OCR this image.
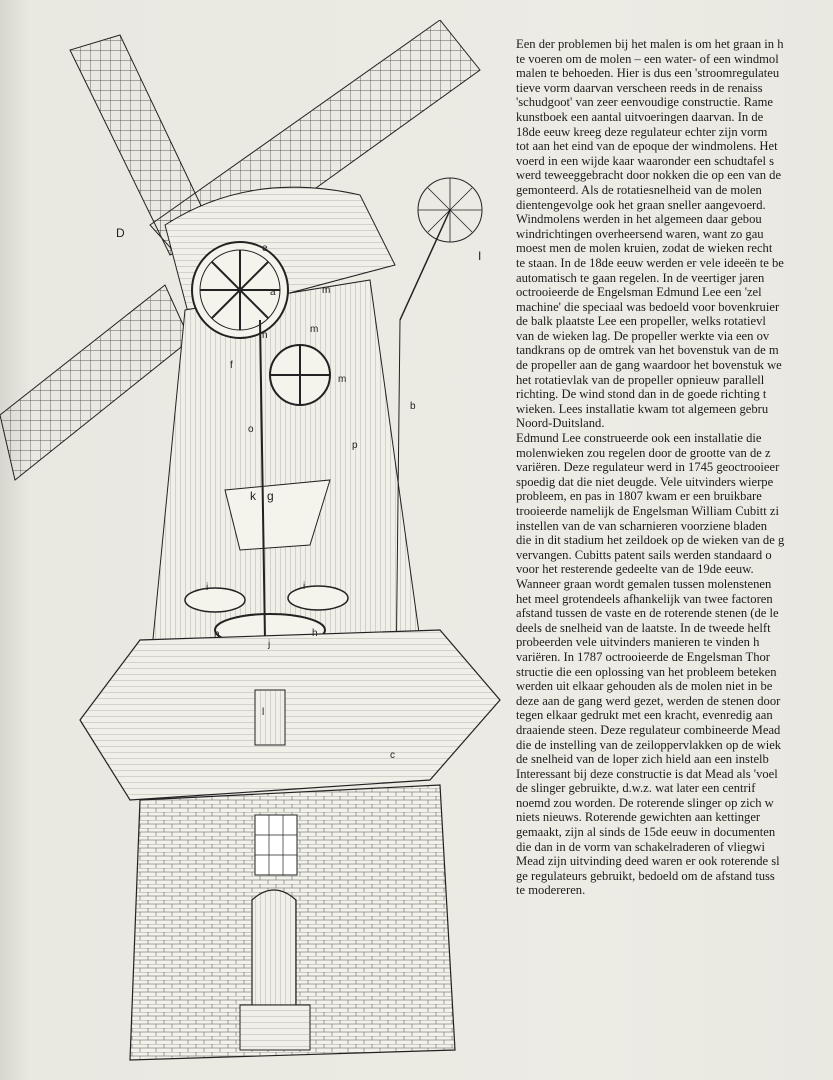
D
e
I
a	m
n
f
m
m
b
o
p
k g
i	i
h
j
h
c
l
Een der problemen bij het malen is om het graan in h
te voeren om de molen – een water- of een windmol
malen te behoeden. Hier is dus een 'stroomregulateu
tieve vorm daarvan verscheen reeds in de renaiss
'schudgoot' van zeer eenvoudige constructie. Rame
kunstboek een aantal uitvoeringen daarvan. In de
18de eeuw kreeg deze regulateur echter zijn vorm
tot aan het eind van de epoque der windmolens. Het
voerd in een wijde kaar waaronder een schudtafel s
werd teweeggebracht door nokken die op een van de
gemonteerd. Als de rotatiesnelheid van de molen
dientengevolge ook het graan sneller aangevoerd.
Windmolens werden in het algemeen daar gebou
windrichtingen overheersend waren, want zo gau
moest men de molen kruien, zodat de wieken recht
te staan. In de 18de eeuw werden er vele ideeën te be
automatisch te gaan regelen. In de veertiger jaren
octrooieerde de Engelsman Edmund Lee een 'zel
machine' die speciaal was bedoeld voor bovenkruier
de balk plaatste Lee een propeller, welks rotatievl
van de wieken lag. De propeller werkte via een ov
tandkrans op de omtrek van het bovenstuk van de m
de propeller aan de gang waardoor het bovenstuk we
het rotatievlak van de propeller opnieuw parallell
richting. De wind stond dan in de goede richting t
wieken. Lees installatie kwam tot algemeen gebru
Noord-Duitsland.
Edmund Lee construeerde ook een installatie die
molenwieken zou regelen door de grootte van de z
variëren. Deze regulateur werd in 1745 geoctrooieer
spoedig dat die niet deugde. Vele uitvinders wierpe
probleem, en pas in 1807 kwam er een bruikbare
trooieerde namelijk de Engelsman William Cubitt zi
instellen van de van scharnieren voorziene bladen
die in dit stadium het zeildoek op de wieken van de g
vervangen. Cubitts patent sails werden standaard o
voor het resterende gedeelte van de 19de eeuw.
Wanneer graan wordt gemalen tussen molenstenen
het meel grotendeels afhankelijk van twee factoren
afstand tussen de vaste en de roterende stenen (de le
deels de snelheid van de laatste. In de tweede helft
probeerden vele uitvinders manieren te vinden h
variëren. In 1787 octrooieerde de Engelsman Thor
structie die een oplossing van het probleem beteken
werden uit elkaar gehouden als de molen niet in be
deze aan de gang werd gezet, werden de stenen door
tegen elkaar gedrukt met een kracht, evenredig aan
draaiende steen. Deze regulateur combineerde Mead
die de instelling van de zeiloppervlakken op de wiek
de snelheid van de loper zich hield aan een instelb
Interessant bij deze constructie is dat Mead als 'voel
de slinger gebruikte, d.w.z. wat later een centrif
noemd zou worden. De roterende slinger op zich w
niets nieuws. Roterende gewichten aan kettinger
gemaakt, zijn al sinds de 15de eeuw in documenten
die dan in de vorm van schakelraderen of vliegwi
Mead zijn uitvinding deed waren er ook roterende sl
ge regulateurs gebruikt, bedoeld om de afstand tuss
te modereren.
